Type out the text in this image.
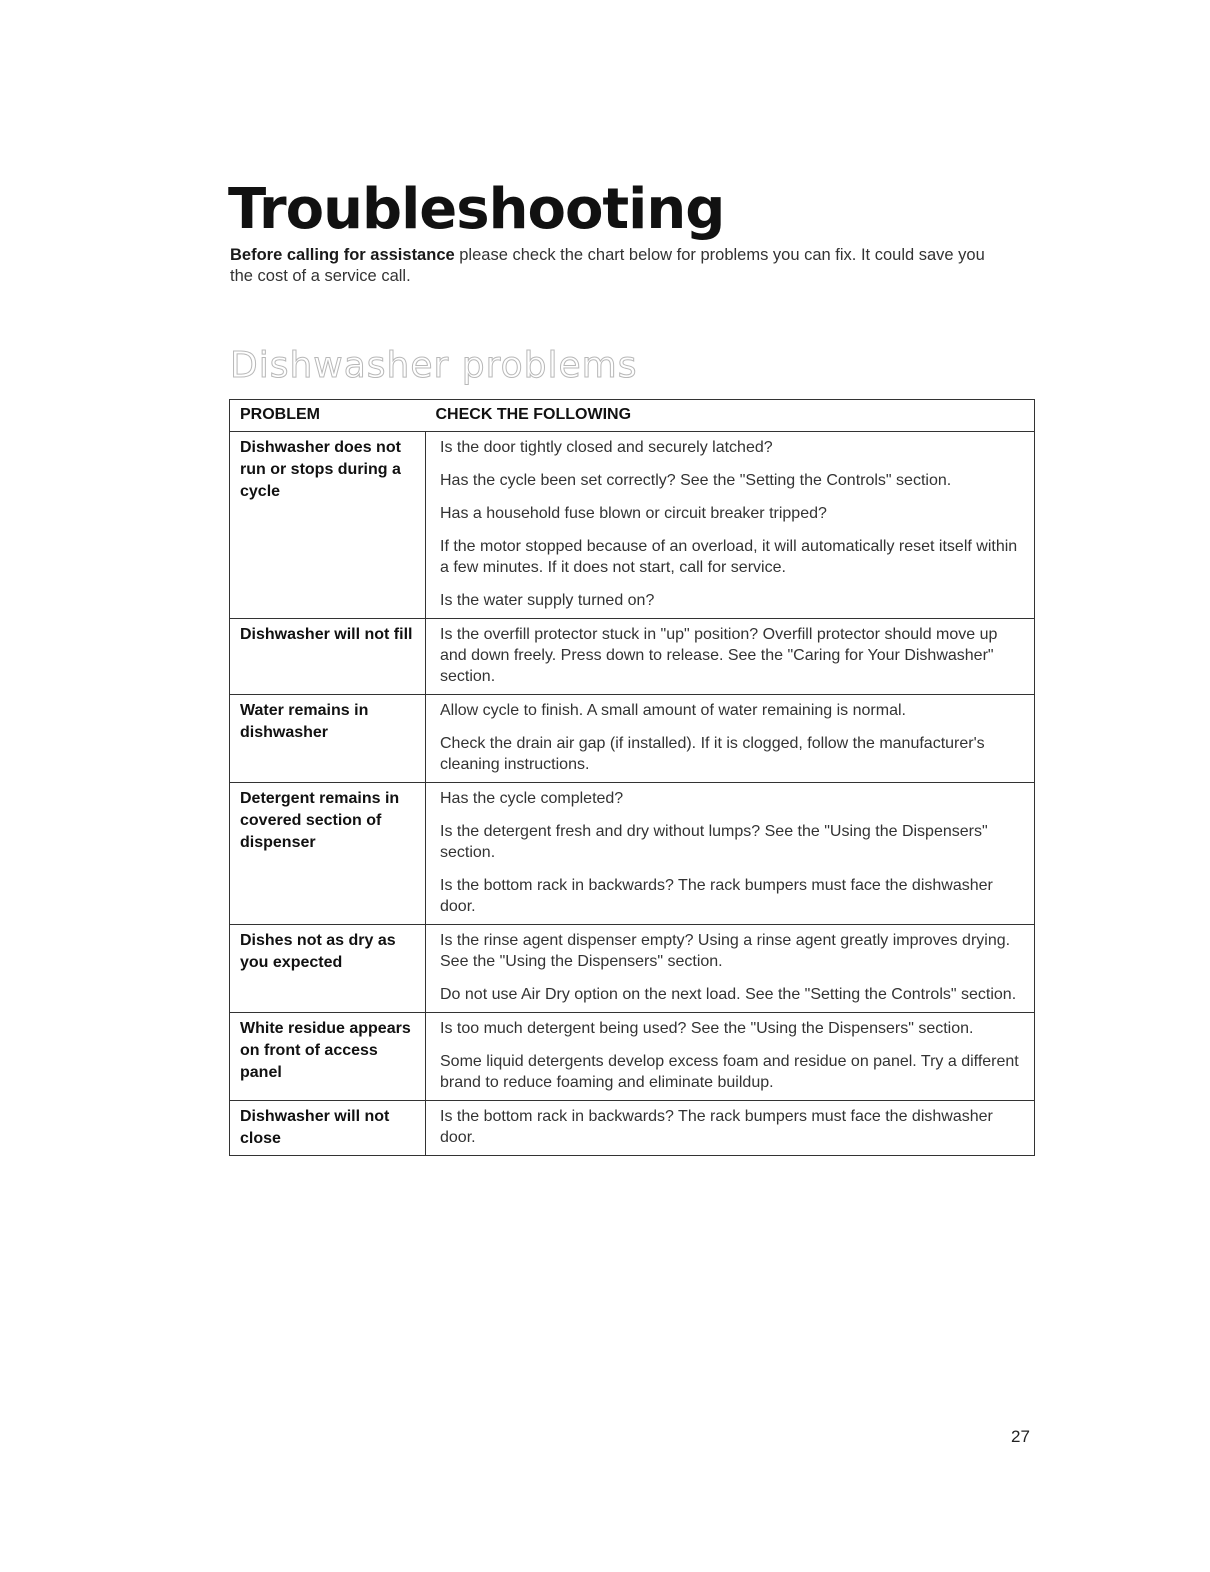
Troubleshooting

Before calling for assistance please check the chart below for problems you can fix. It could save you the cost of a service call.

Dishwasher problems
PROBLEM	CHECK THE FOLLOWING
Dishwasher does not run or stops during a cycle	Is the door tightly closed and securely latched?

Has the cycle been set correctly? See the "Setting the Controls" section.

Has a household fuse blown or circuit breaker tripped?

If the motor stopped because of an overload, it will automatically reset itself within a few minutes. If it does not start, call for service.

Is the water supply turned on?

Dishwasher will not fill	Is the overfill protector stuck in "up" position? Overfill protector should move up and down freely. Press down to release. See the "Caring for Your Dishwasher" section.

Water remains in dishwasher	Allow cycle to finish. A small amount of water remaining is normal.

Check the drain air gap (if installed). If it is clogged, follow the manufacturer's cleaning instructions.

Detergent remains in covered section of dispenser	Has the cycle completed?

Is the detergent fresh and dry without lumps? See the "Using the Dispensers" section.

Is the bottom rack in backwards? The rack bumpers must face the dishwasher door.

Dishes not as dry as you expected	Is the rinse agent dispenser empty? Using a rinse agent greatly improves drying. See the "Using the Dispensers" section.

Do not use Air Dry option on the next load. See the "Setting the Controls" section.

White residue appears on front of access panel	Is too much detergent being used? See the "Using the Dispensers" section.

Some liquid detergents develop excess foam and residue on panel. Try a different brand to reduce foaming and eliminate buildup.

Dishwasher will not close	Is the bottom rack in backwards? The rack bumpers must face the dishwasher door.

27
